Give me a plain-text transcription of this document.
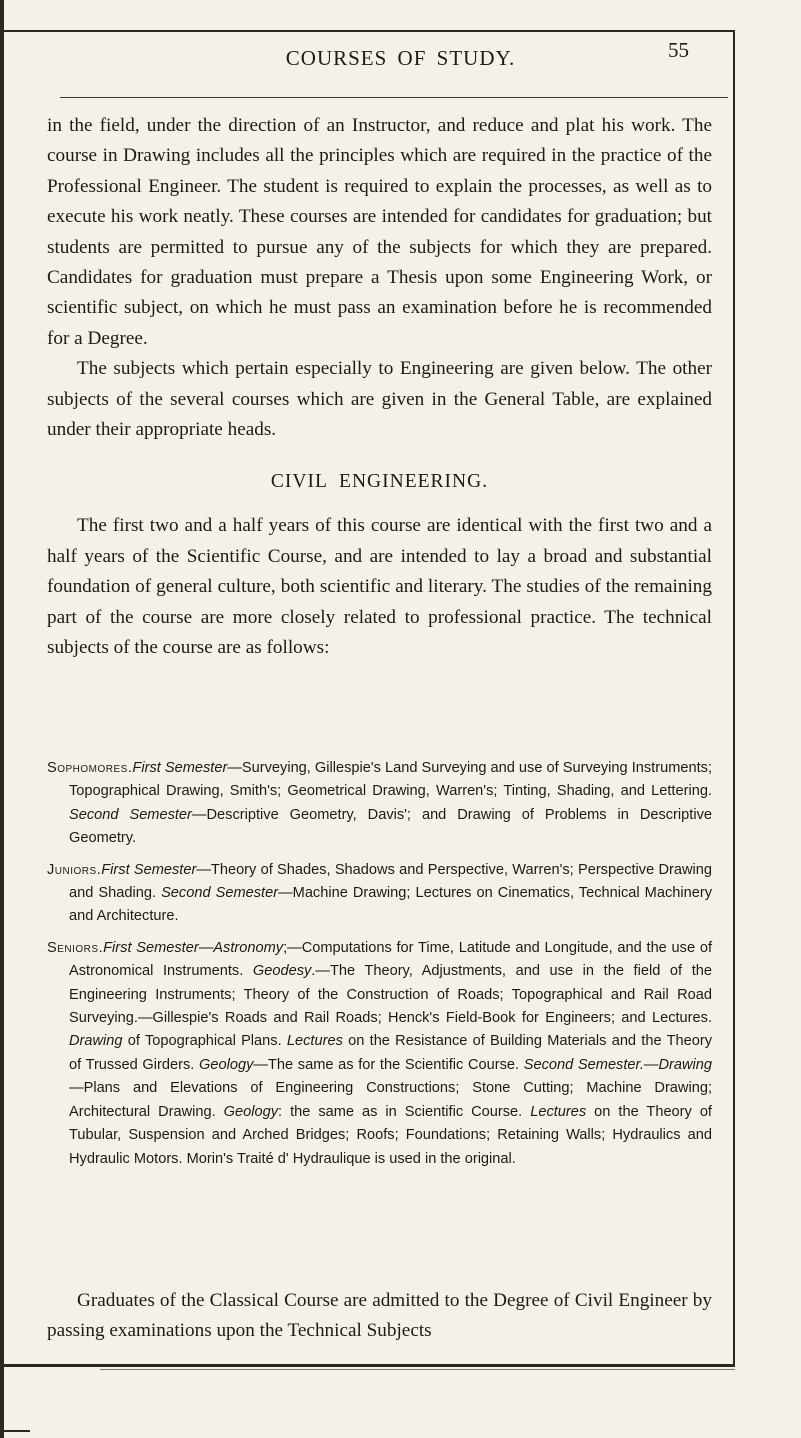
COURSES OF STUDY.	55

in the field, under the direction of an Instructor, and reduce and plat his work. The course in Drawing includes all the principles which are required in the practice of the Professional Engineer. The student is required to explain the processes, as well as to execute his work neatly. These courses are intended for candidates for graduation; but students are permitted to pursue any of the subjects for which they are prepared. Candidates for graduation must prepare a Thesis upon some Engineering Work, or scientific subject, on which he must pass an examination before he is recommended for a Degree.

The subjects which pertain especially to Engineering are given below. The other subjects of the several courses which are given in the General Table, are explained under their appropriate heads.

CIVIL ENGINEERING.

The first two and a half years of this course are identical with the first two and a half years of the Scientific Course, and are intended to lay a broad and substantial foundation of general culture, both scientific and literary. The studies of the remaining part of the course are more closely related to professional practice. The technical subjects of the course are as follows:

Sophomores.First Semester—Surveying, Gillespie's Land Surveying and use of Surveying Instruments; Topographical Drawing, Smith's; Geometrical Drawing, Warren's; Tinting, Shading, and Lettering. Second Semester—Descriptive Geometry, Davis'; and Drawing of Problems in Descriptive Geometry.

Juniors.First Semester—Theory of Shades, Shadows and Perspective, Warren's; Perspective Drawing and Shading. Second Semester—Machine Drawing; Lectures on Cinematics, Technical Machinery and Architecture.

Seniors.First Semester—Astronomy;—Computations for Time, Latitude and Longitude, and the use of Astronomical Instruments. Geodesy.—The Theory, Adjustments, and use in the field of the Engineering Instruments; Theory of the Construction of Roads; Topographical and Rail Road Surveying.—Gillespie's Roads and Rail Roads; Henck's Field-Book for Engineers; and Lectures. Drawing of Topographical Plans. Lectures on the Resistance of Building Materials and the Theory of Trussed Girders. Geology—The same as for the Scientific Course. Second Semester.—Drawing—Plans and Elevations of Engineering Constructions; Stone Cutting; Machine Drawing; Architectural Drawing. Geology: the same as in Scientific Course. Lectures on the Theory of Tubular, Suspension and Arched Bridges; Roofs; Foundations; Retaining Walls; Hydraulics and Hydraulic Motors. Morin's Traité d' Hydraulique is used in the original.

Graduates of the Classical Course are admitted to the Degree of Civil Engineer by passing examinations upon the Technical Subjects
